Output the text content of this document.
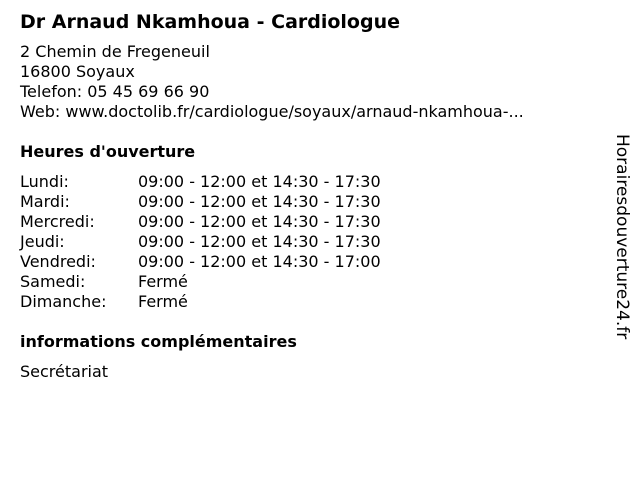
Dr Arnaud Nkamhoua - Cardiologue
2 Chemin de Fregeneuil
16800 Soyaux
Telefon: 05 45 69 66 90
Web: www.doctolib.fr/cardiologue/soyaux/arnaud-nkamhoua-...
Heures d'ouverture
Lundi:	09:00 - 12:00 et 14:30 - 17:30
Mardi:	09:00 - 12:00 et 14:30 - 17:30
Mercredi:	09:00 - 12:00 et 14:30 - 17:30
Jeudi:	09:00 - 12:00 et 14:30 - 17:30
Vendredi:	09:00 - 12:00 et 14:30 - 17:00
Samedi:	Fermé
Dimanche:	Fermé
informations complémentaires
Secrétariat
Horairesdouverture24.fr
